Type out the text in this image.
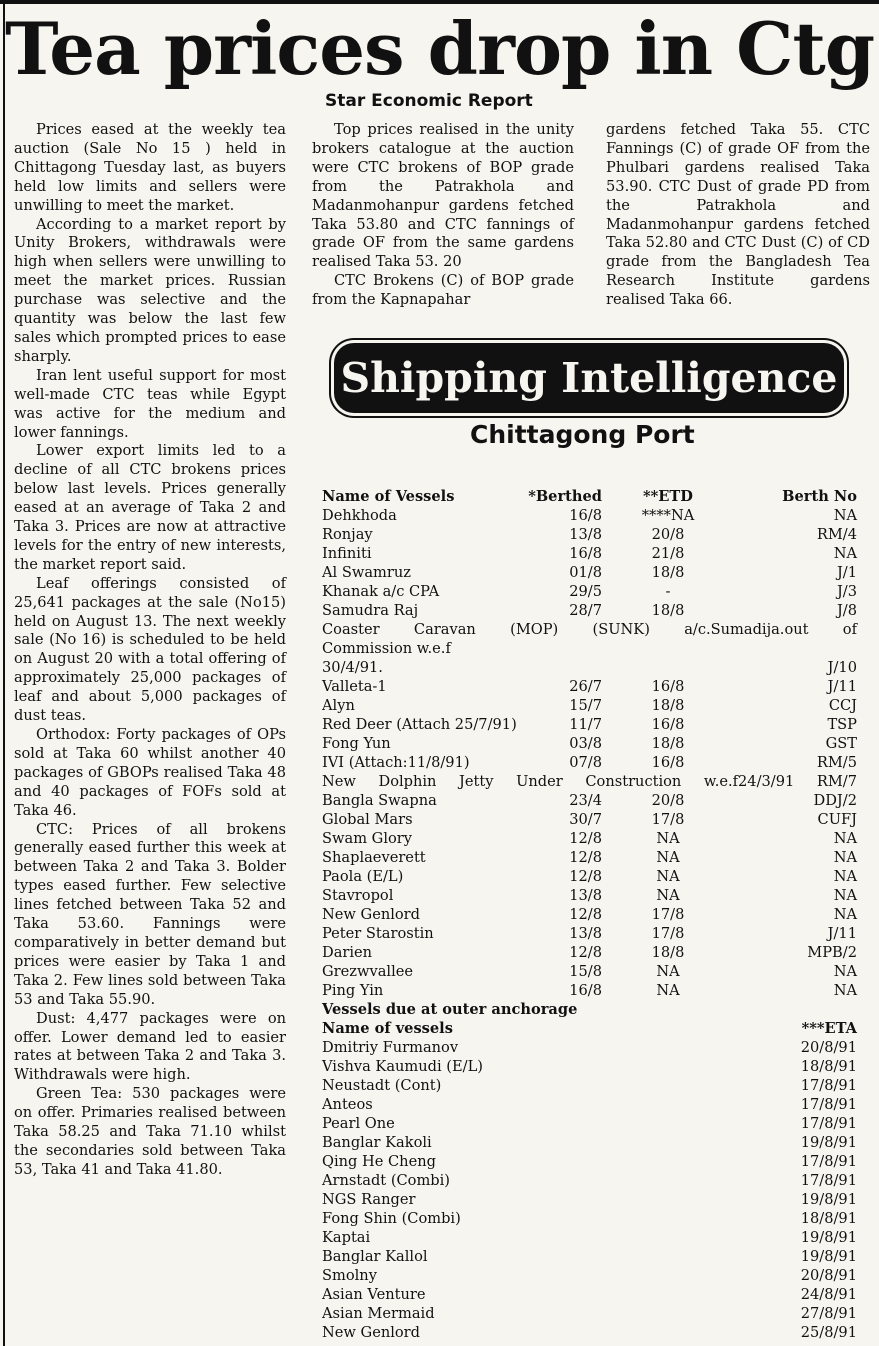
Tea prices drop in Ctg
Star Economic Report

Prices eased at the weekly tea auction (Sale No 15 ) held in Chittagong Tuesday last, as buyers held low limits and sellers were unwilling to meet the market.

According to a market report by Unity Brokers, withdrawals were high when sellers were unwilling to meet the market prices. Russian purchase was selective and the quantity was below the last few sales which prompted prices to ease sharply.

Iran lent useful support for most well-made CTC teas while Egypt was active for the medium and lower fannings.

Lower export limits led to a decline of all CTC brokens prices below last levels. Prices generally eased at an average of Taka 2 and Taka 3. Prices are now at attractive levels for the entry of new interests, the market report said.

Leaf offerings consisted of 25,641 packages at the sale (No15) held on August 13. The next weekly sale (No 16) is scheduled to be held on August 20 with a total offering of approximately 25,000 packages of leaf and about 5,000 packages of dust teas.

Orthodox: Forty packages of OPs sold at Taka 60 whilst another 40 packages of GBOPs realised Taka 48 and 40 packages of FOFs sold at Taka 46.

CTC: Prices of all brokens generally eased further this week at between Taka 2 and Taka 3. Bolder types eased further. Few selective lines fetched between Taka 52 and Taka 53.60. Fannings were comparatively in better demand but prices were easier by Taka 1 and Taka 2. Few lines sold between Taka 53 and Taka 55.90.

Dust: 4,477 packages were on offer. Lower demand led to easier rates at between Taka 2 and Taka 3. Withdrawals were high.

Green Tea: 530 packages were on offer. Primaries realised between Taka 58.25 and Taka 71.10 whilst the secondaries sold between Taka 53, Taka 41 and Taka 41.80.

Top prices realised in the unity brokers catalogue at the auction were CTC brokens of BOP grade from the Patrakhola and Madanmohanpur gardens fetched Taka 53.80 and CTC fannings of grade OF from the same gardens realised Taka 53. 20

CTC Brokens (C) of BOP grade from the Kapnapahar

gardens fetched Taka 55. CTC Fannings (C) of grade OF from the Phulbari gardens realised Taka 53.90. CTC Dust of grade PD from the Patrakhola and Madanmohanpur gardens fetched Taka 52.80 and CTC Dust (C) of CD grade from the Bangladesh Tea Research Institute gardens realised Taka 66.

Shipping Intelligence
Chittagong Port
Name of Vessels	*Berthed	**ETD	Berth No
Dehkhoda	16/8	****NA	NA
Ronjay	13/8	20/8	RM/4
Infiniti	16/8	21/8	NA
Al Swamruz	01/8	18/8	J/1
Khanak a/c CPA	29/5	-	J/3
Samudra Raj	28/7	18/8	J/8
Coaster Caravan (MOP) (SUNK) a/c.Sumadija.out of
Commission w.e.f
30/4/91.	J/10
Valleta-1	26/7	16/8	J/11
Alyn	15/7	18/8	CCJ
Red Deer (Attach 25/7/91)	11/7	16/8	TSP
Fong Yun	03/8	18/8	GST
IVI (Attach:11/8/91)	07/8	16/8	RM/5
New Dolphin Jetty Under Construction w.e.f24/3/91 RM/7
Bangla Swapna	23/4	20/8	DDJ/2
Global Mars	30/7	17/8	CUFJ
Swam Glory	12/8	NA	NA
Shaplaeverett	12/8	NA	NA
Paola (E/L)	12/8	NA	NA
Stavropol	13/8	NA	NA
New Genlord	12/8	17/8	NA
Peter Starostin	13/8	17/8	J/11
Darien	12/8	18/8	MPB/2
Grezwvallee	15/8	NA	NA
Ping Yin	16/8	NA	NA
Vessels due at outer anchorage
Name of vessels	***ETA
Dmitriy Furmanov	20/8/91
Vishva Kaumudi (E/L)	18/8/91
Neustadt (Cont)	17/8/91
Anteos	17/8/91
Pearl One	17/8/91
Banglar Kakoli	19/8/91
Qing He Cheng	17/8/91
Arnstadt (Combi)	17/8/91
NGS Ranger	19/8/91
Fong Shin (Combi)	18/8/91
Kaptai	19/8/91
Banglar Kallol	19/8/91
Smolny	20/8/91
Asian Venture	24/8/91
Asian Mermaid	27/8/91
New Genlord	25/8/91
